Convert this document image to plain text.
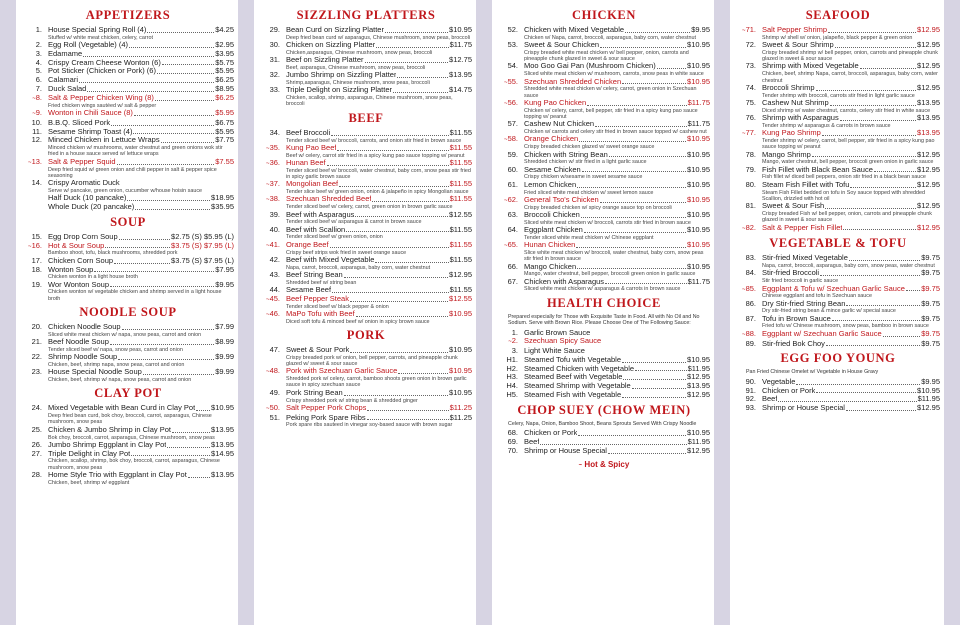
APPETIZERS
1. House Special Spring Roll (4)	$4.25
Stuffed w/ white meat chicken, celery, carrot
2. Egg Roll (Vegetable) (4)	$2.95
3. Edamame	$3.95
4. Crispy Cream Cheese Wonton (6)	$5.75
5. Pot Sticker (Chicken or Pork) (6)	$5.95
6. Calamari	$6.25
7. Duck Salad	$8.95
~8. Salt & Pepper Chicken Wing (8)	$6.25
Fried chicken wings sautéed w/ salt & pepper
~9. Wonton in Chili Sauce (8)	$5.95
10. B.B.Q. Sliced Pork	$6.75
11. Sesame Shrimp Toast (4)	$5.95
12. Minced Chicken in Lettuce Wraps	$7.75
Minced chicken w/ mushrooms, water chestnut and green onions wok stir fried in a house sauce served w/ lettuce wraps
~13. Salt & Pepper Squid	$7.55
Deep fried squid w/ green onion and chili pepper in salt & pepper spice seasoning
14. Crispy Aromatic Duck
Serve w/ pancake, green onion, cucumber w/house hoisin sauce
Half Duck (10 pancake)	$18.95
Whole Duck (20 pancake)	$35.95
SOUP
15. Egg Drop Corn Soup	$2.75 (S) $5.95 (L)
~16. Hot & Sour Soup	$3.75 (S) $7.95 (L)
Bamboo shoot, tofu, black mushrooms, shredded pork
17. Chicken Corn Soup	$3.75 (S) $7.95 (L)
18. Wonton Soup	$7.95
Chicken wonton in a light house broth
19. Wor Wonton Soup	$9.95
Chicken wonton w/ vegetable chicken and shrimp served in a light house broth
NOODLE SOUP
20. Chicken Noodle Soup	$7.99
Sliced white meat chicken w/ napa, snow peas, carrot and onion
21. Beef Noodle Soup	$8.99
Tender sliced beef w/ napa, snow peas, carrot and onion
22. Shrimp Noodle Soup	$9.99
Chicken, beef, shrimp napa, snow peas, carrot and onion
23. House Special Noodle Soup	$9.99
Chicken, beef, shrimp w/ napa, snow peas, carrot and onion
CLAY POT
24. Mixed Vegetable with Bean Curd in Clay Pot $10.95
Deep fried bean curd, bok choy, broccoli, carrot, asparagus, Chinese mushroom, snow peas
25. Chicken & Jumbo Shrimp in Clay Pot	$13.95
Bok choy, broccoli, carrot, asparagus, Chinese mushroom, snow peas
26. Jumbo Shrimp Eggplant in Clay Pot	$13.95
27. Triple Delight in Clay Pot	$14.95
Chicken, scallop, shrimp, bok choy, broccoli, carrot, asparagus, Chinese mushroom, snow peas
28. Home Style Trio with Eggplant in Clay Pot	$13.95
Chicken, beef, shrimp w/ eggplant
SIZZLING PLATTERS
29. Bean Curd on Sizzling Platter	$10.95
Deep fried bean curd w/ asparagus, Chinese mushroom, snow peas, broccoli
30. Chicken on Sizzling Platter	$11.75
Chicken,asparagus, Chinese mushroom, snow peas, broccoli
31. Beef on Sizzling Platter	$12.75
Beef, asparagus, Chinese mushroom, snow peas, broccoli
32. Jumbo Shrimp on Sizzling Platter	$13.95
Shrimp,asparagus, Chinese mushroom, snow peas, broccoli
33. Triple Delight on Sizzling Platter	$14.75
Chicken, scallop, shrimp, asparagus, Chinese mushroom, snow peas, broccoli
BEEF
34. Beef Broccoli	$11.55
Tender sliced beef w/ broccoli, carrots, and onion stir fried in brown sauce
~35. Kung Pao Beef	$11.55
Beef w/ celery, carrot stir fried in a spicy kung pao sauce topping w/ peanut
~36. Hunan Beef	$11.55
Tender sliced beef w/ broccoli, water chestnut, baby corn, snow peas stir fried in spicy garlic brown sauce
~37. Mongolian Beef	$11.55
Tender slice beef w/ green onion, onion & jalapeño in spicy Mongolian sauce
~38. Szechuan Shredded Beef	$11.55
Tender sliced beef w/ celery, carrot, green onion in brown garlic sauce
39. Beef with Asparagus	$12.55
Tender sliced beef w/ asparagus & carrot in brown sauce
40. Beef with Scallion	$11.55
Tender sliced beef w/ green onion, onion
~41. Orange Beef	$11.55
Crispy beef strips wok fried in sweet orange sauce
42. Beef with Mixed Vegetable	$11.55
Napa, carrot, broccoli, asparagus, baby corn, water chestnut
43. Beef String Bean	$12.95
Shredded beef w/ string bean
44. Sesame Beef	$11.55
~45. Beef Pepper Steak	$12.55
Tender sliced beef w/ black pepper & onion
~46. MaPo Tofu with Beef	$10.95
Diced soft tofu & minced beef w/ onion in spicy brown sauce
PORK
47. Sweet & Sour Pork	$10.95
Crispy breaded pork w/ onion, bell pepper, carrots, and pineapple chunk glazed w/ sweet & sour sauce
~48. Pork with Szechuan Garlic Sauce	$10.95
Shredded pork w/ celery, carrot, bamboo shoots green onion in brown garlic sauce in spicy szechuan sauce
49. Pork String Bean	$10.95
Crispy shredded pork w/ string bean & shredded ginger
~50. Salt Pepper Pork Chops	$11.25
51. Peking Pork Spare Ribs	$11.25
Pork spare ribs sauteed in vinegar soy-based sauce with brown sugar
CHICKEN
52. Chicken with Mixed Vegetable	$9.95
Chicken w/ Napa, carrot, broccoli, asparagus, baby corn, water chestnut
53. Sweet & Sour Chicken	$10.95
Crispy breaded white meat chicken w/ bell pepper, onion, carrots and pineapple chunk glazed in sweet & sour sauce
54. Moo Goo Gai Pan (Mushroom Chicken)	$10.95
Sliced white meat chicken w/ mushroom, carrots, snow peas in white sauce
~55. Szechuan Shredded Chicken	$10.95
Shredded white meat chicken w/ celery, carrot, green onion in Szechuan sauce
~56. Kung Pao Chicken	$11.75
Chicken w/ celery, carrot, bell pepper, stir fried in a spicy kung pao sauce topping w/ peanut
57. Cashew Nut Chicken	$11.75
Chicken w/ carrots and celery stir fried in brown sauce topped w/ cashew nut
~58. Orange Chicken	$10.95
Crispy breaded chicken glazed w/ sweet orange sauce
59. Chicken with String Bean	$10.95
Shredded chicken w/ stir fried in a light garlic sauce
60. Sesame Chicken	$10.95
Crispy chicken w/sesame in sweet sesame sauce
61. Lemon Chicken	$10.95
Fried sliced white meat chicken w/ sweet lemon sauce
~62. General Tso's Chicken	$10.95
Crispy breaded chicken w/ spicy orange sauce top on broccoli
63. Broccoli Chicken	$10.95
Sliced white meat chicken w/ broccoli, carrots stir fried in brown sauce
64. Eggplant Chicken	$10.95
Tender sliced white meat chicken w/ Chinese eggplant
~65. Hunan Chicken	$10.95
Slice white meat chicken w/ broccoli, water chestnut, baby corn, snow peas stir fried in brown sauce
66. Mango Chicken	$10.95
Mango, water chestnut, bell pepper, broccoli green onion in garlic sauce
67. Chicken with Asparagus	$11.75
Sliced white meat chicken w/ asparagus & carrots in brown sauce
HEALTH CHOICE
Prepared especially for Those with Exquisite Taste in Food. All with No Oil and No Sodium. Serve with Brown Rice. Please Choose One of The Following Sauce:
1. Garlic Brown Sauce
~2. Szechuan Spicy Sauce
3. Light White Sauce
H1. Steamed Tofu with Vegetable	$10.95
H2. Steamed Chicken with Vegetable	$11.95
H3. Steamed Beef with Vegetable	$12.95
H4. Steamed Shrimp with Vegetable	$13.95
H5. Steamed Fish with Vegetable	$12.95
CHOP SUEY (CHOW MEIN)
Celery, Napa, Onion, Bamboo Shoot, Beans Sprouts Served With Crispy Noodle
68. Chicken or Pork	$10.95
69. Beef	$11.95
70. Shrimp or House Special	$12.95
~ Hot & Spicy
SEAFOOD
~71. Salt Pepper Shrimp	$12.95
Shrimp w/ shell w/ onion, jalapeño, black pepper & green onion
72. Sweet & Sour Shrimp	$12.95
Crispy breaded shrimp w/ bell pepper, onion, carrots and pineapple chunk glazed in sweet & sour sauce
73. Shrimp with Mixed Vegetable	$12.95
Chicken, beef, shrimp Napa, carrot, broccoli, asparagus, baby corn, water chestnut
74. Broccoli Shrimp	$12.95
Tender shrimp with broccoli, carrots stir fried in light garlic sauce
75. Cashew Nut Shrimp	$13.95
Diced shrimp w/ water chestnut, carrots, celery stir fried in white sauce
76. Shrimp with Asparagus	$13.95
Tender shrimp w/ asparagus & carrots in brown sauce
~77. Kung Pao Shrimp	$13.95
Tender shrimp w/ celery, carrot, bell pepper, stir fried in a spicy kung pao sauce topping w/ peanut
78. Mango Shrimp	$12.95
Mango, water chestnut, bell pepper, broccoli green onion in garlic sauce
79. Fish Fillet with Black Bean Sauce	$12.95
Fish fillet w/ diced bell peppers, onion stir fried in a black bean sauce
80. Steam Fish Fillet with Tofu	$12.95
Steam Fish Fillet bedded on tofu in Soy sauce topped with shredded Scallion, drizzled with hot oil
81. Sweet & Sour Fish	$12.95
Crispy breaded Fish w/ bell pepper, onion, carrots and pineapple chunk glazed in sweet & sour sauce
~82. Salt & Pepper Fish Fillet	$12.95
VEGETABLE & TOFU
83. Stir-fried Mixed Vegetable	$9.75
Napa, carrot, broccoli, asparagus, baby corn, snow peas, water chestnut
84. Stir-fried Broccoli	$9.75
Stir fried broccoli in garlic sauce
~85. Eggplant & Tofu w/ Szechuan Garlic Sauce $9.75
Chinese eggplant and tofu in Szechuan sauce
86. Dry Stir-fried String Bean	$9.75
Dry stir-fried string bean & mince garlic w/ special sauce
87. Tofu in Brown Sauce	$9.75
Fried tofu w/ Chinese mushroom, snow peas, bamboo in brown sauce
~88. Eggplant w/ Szechuan Garlic Sauce	$9.75
89. Stir-fried Bok Choy	$9.75
EGG FOO YOUNG
Pan Fried Chinese Omelet w/ Vegetable in House Gravy
90. Vegetable	$9.95
91. Chicken or Pork	$10.95
92. Beef	$11.95
93. Shrimp or House Special	$12.95
